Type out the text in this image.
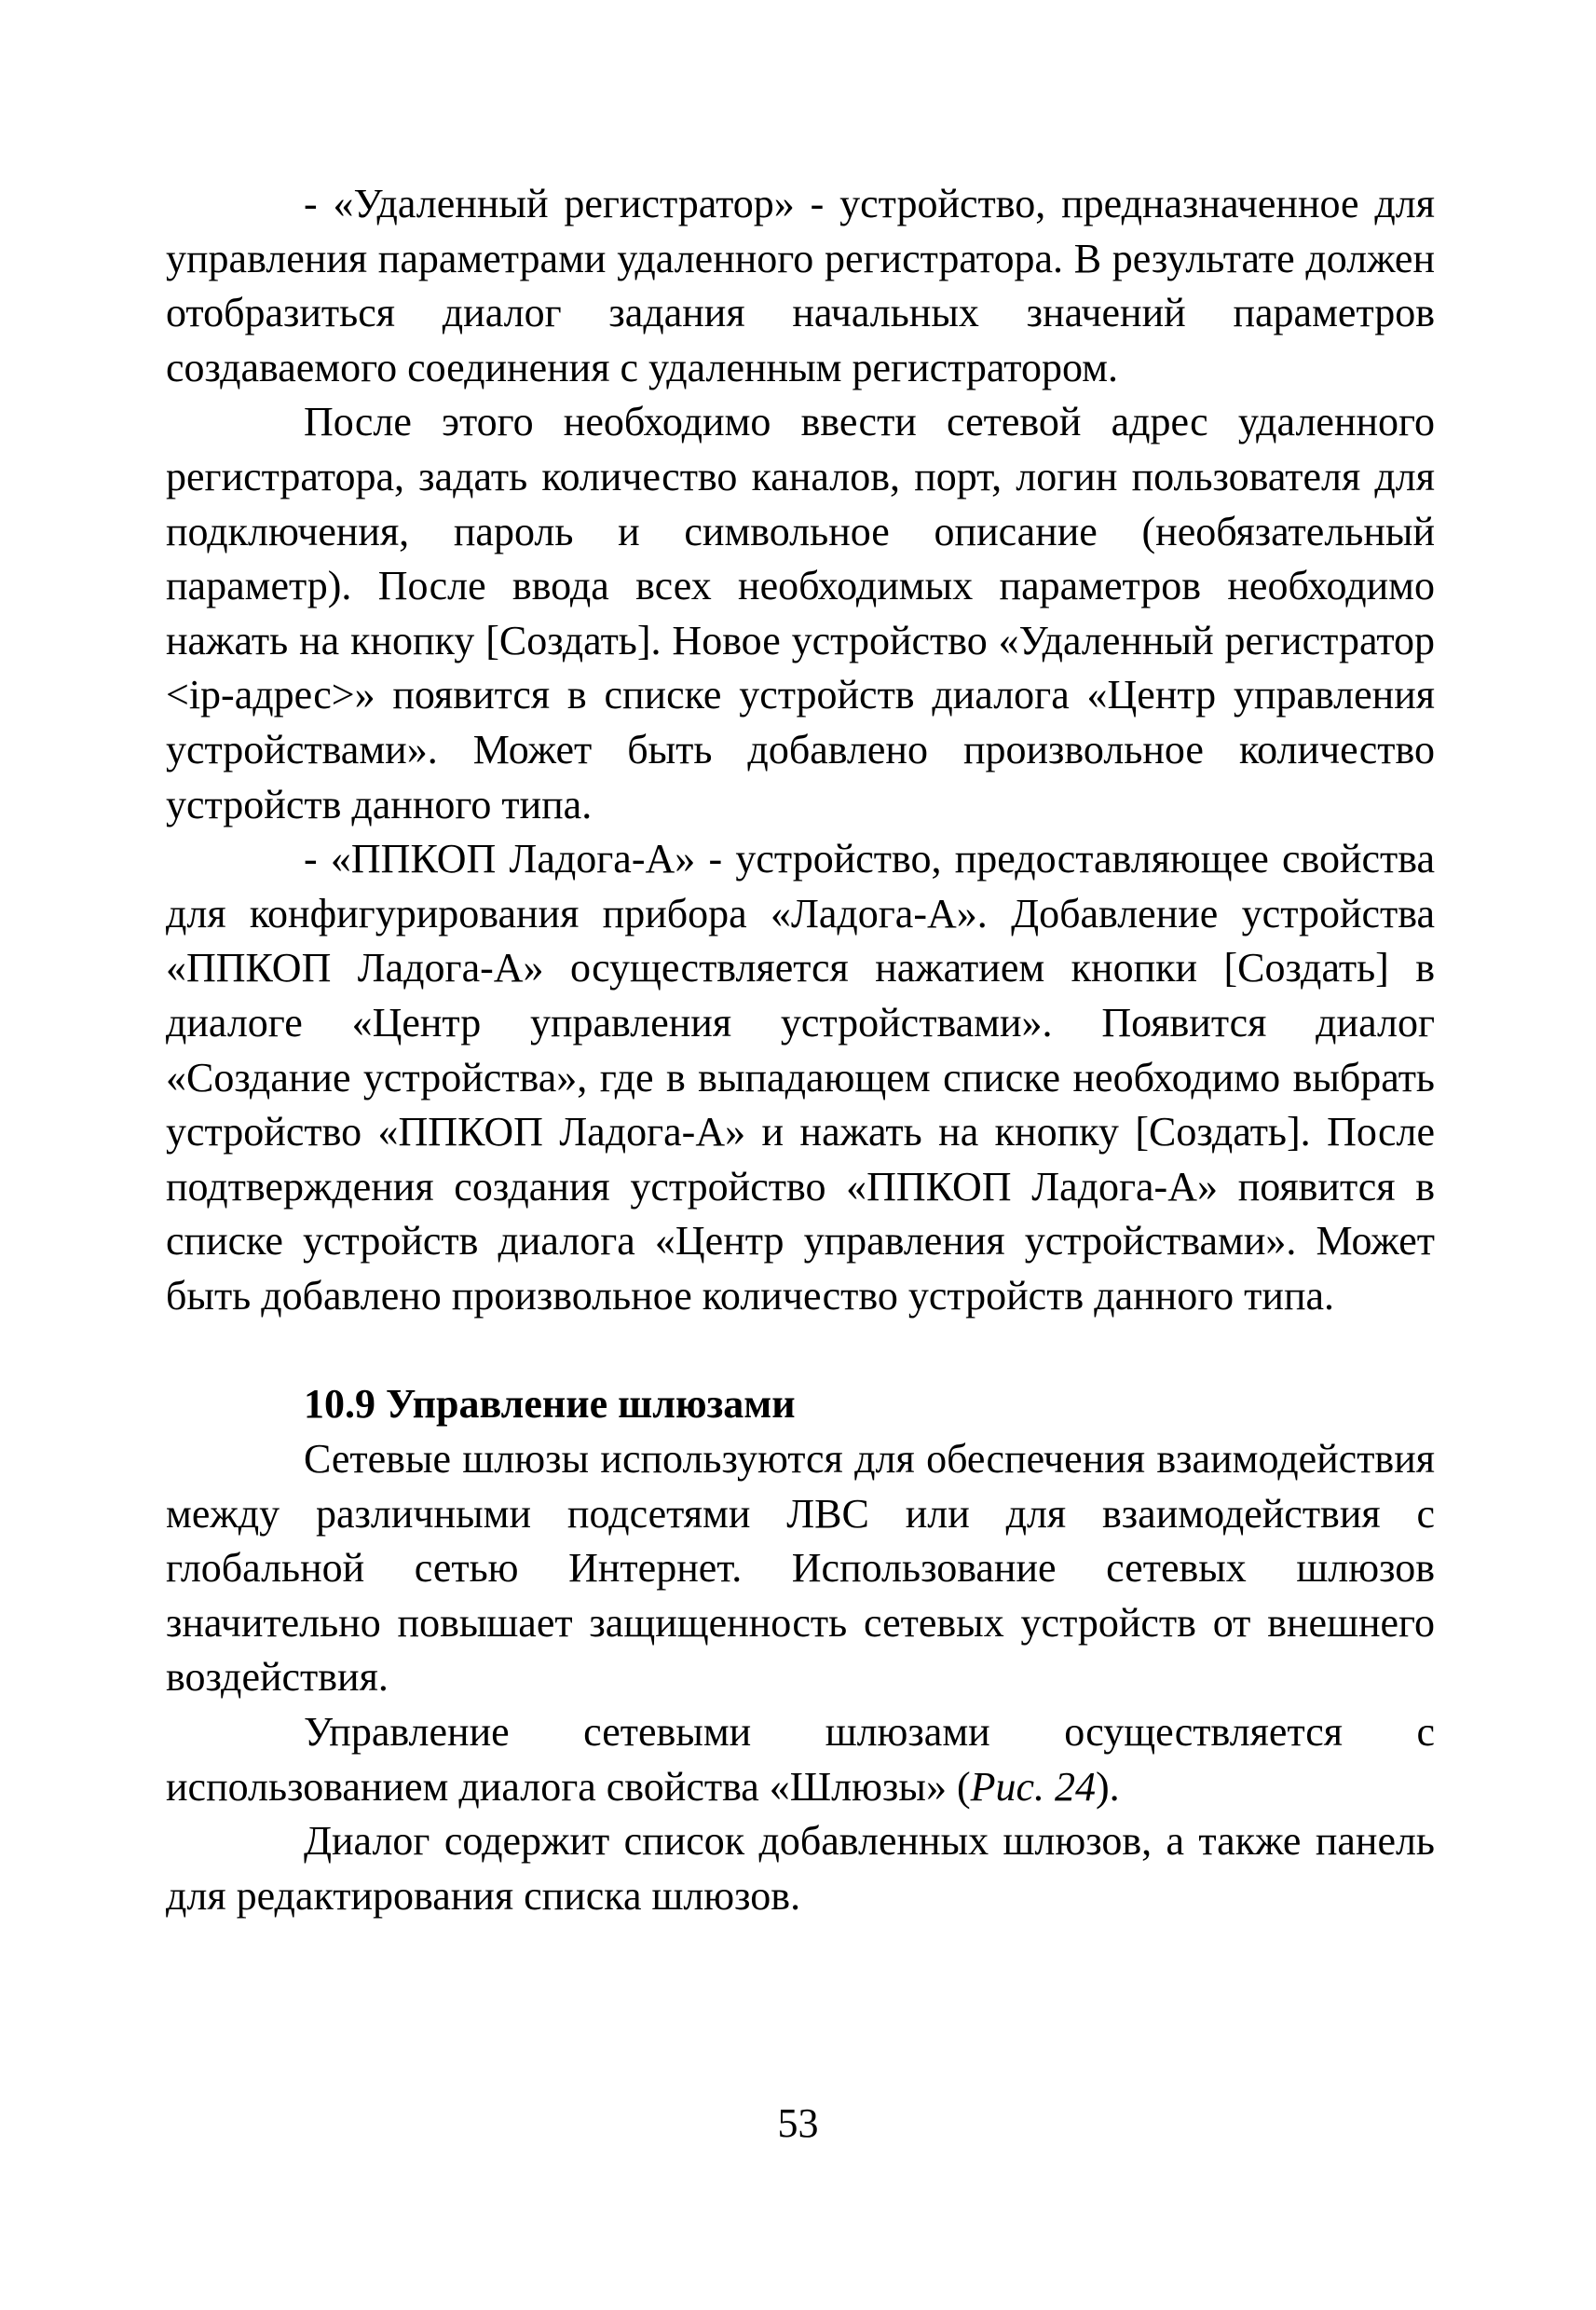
- «Удаленный регистратор» - устройство, предназначенное для управления параметрами удаленного регистратора. В результате должен отобразиться диалог задания начальных значений параметров создаваемого соединения с удаленным регистратором.

После этого необходимо ввести сетевой адрес удаленного регистратора, задать количество каналов, порт, логин пользователя для подключения, пароль и символьное описание (необязательный параметр). После ввода всех необходимых параметров необходимо нажать на кнопку [Создать]. Новое устройство «Удаленный регистратор <ip-адрес>» появится в списке устройств диалога «Центр управления устройствами». Может быть добавлено произвольное количество устройств данного типа.

- «ППКОП Ладога-А» - устройство, предоставляющее свойства для конфигурирования прибора «Ладога-А». Добавление устройства «ППКОП Ладога-А» осуществляется нажатием кнопки [Создать] в диалоге «Центр управления устройствами». Появится диалог «Создание устройства», где в выпадающем списке необходимо выбрать устройство «ППКОП Ладога-А» и нажать на кнопку [Создать]. После подтверждения создания устройство «ППКОП Ладога-А» появится в списке устройств диалога «Центр управления устройствами». Может быть добавлено произвольное количество устройств данного типа.

10.9 Управление шлюзами

Сетевые шлюзы используются для обеспечения взаимодействия между различными подсетями ЛВС или для взаимодействия с глобальной сетью Интернет. Использование сетевых шлюзов значительно повышает защищенность сетевых устройств от внешнего воздействия.

Управление сетевыми шлюзами осуществляется с использованием диалога свойства «Шлюзы» (Рис. 24).

Диалог содержит список добавленных шлюзов, а также панель для редактирования списка шлюзов.

53
